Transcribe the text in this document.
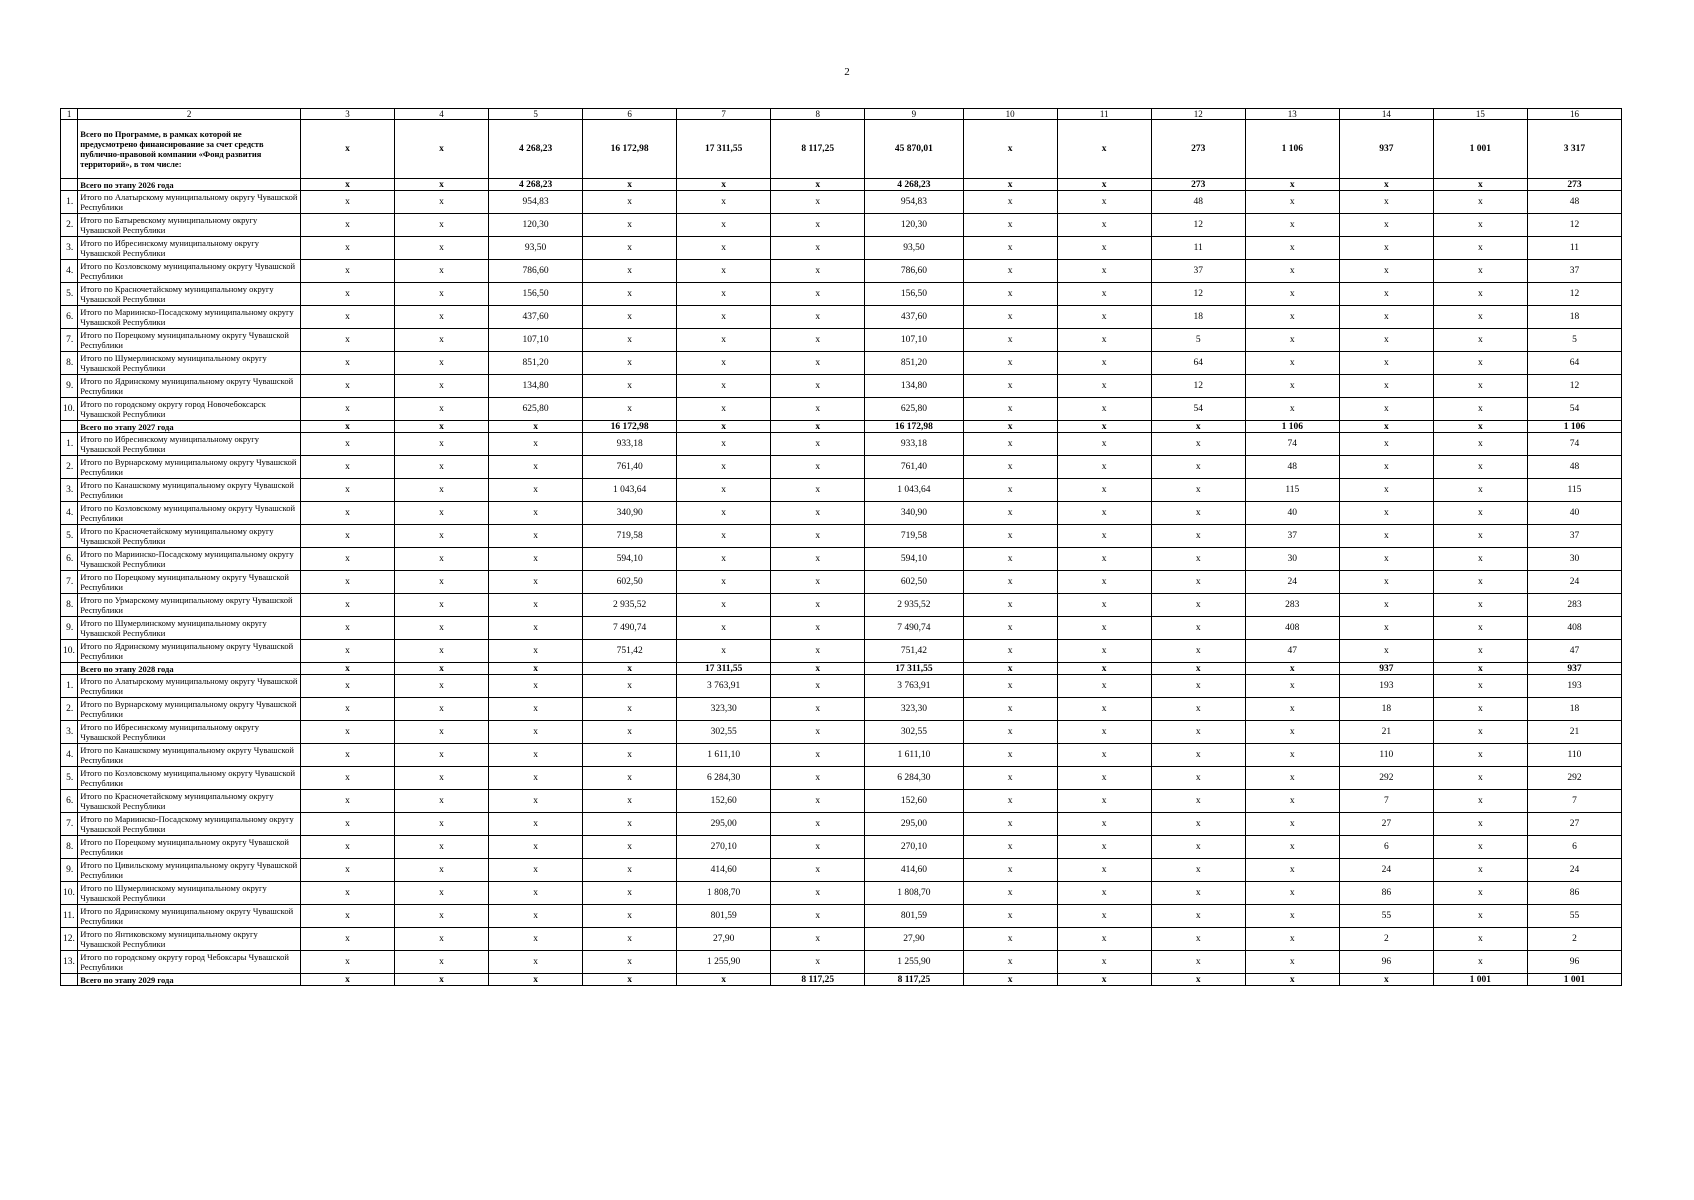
2
1	2	3	4	5	6	7	8	9	10	11	12	13	14	15	16
	Всего по Программе, в рамках которой не предусмотрено финансирование за счет средств публично-правовой компании «Фонд развития территорий», в том числе:	x	x	4 268,23	16 172,98	17 311,55	8 117,25	45 870,01	x	x	273	1 106	937	1 001	3 317
	Всего по этапу 2026 года	x	x	4 268,23	x	x	x	4 268,23	x	x	273	x	x	x	273
1.	Итого по Алатырскому муниципальному округу Чувашской Республики	x	x	954,83	x	x	x	954,83	x	x	48	x	x	x	48
2.	Итого по Батыревскому муниципальному округу Чувашской Республики	x	x	120,30	x	x	x	120,30	x	x	12	x	x	x	12
3.	Итого по Ибресинскому муниципальному округу Чувашской Республики	x	x	93,50	x	x	x	93,50	x	x	11	x	x	x	11
4.	Итого по Козловскому муниципальному округу Чувашской Республики	x	x	786,60	x	x	x	786,60	x	x	37	x	x	x	37
5.	Итого по Красночетайскому муниципальному округу Чувашской Республики	x	x	156,50	x	x	x	156,50	x	x	12	x	x	x	12
6.	Итого по Мариинско-Посадскому муниципальному округу Чувашской Республики	x	x	437,60	x	x	x	437,60	x	x	18	x	x	x	18
7.	Итого по Порецкому муниципальному округу Чувашской Республики	x	x	107,10	x	x	x	107,10	x	x	5	x	x	x	5
8.	Итого по Шумерлинскому муниципальному округу Чувашской Республики	x	x	851,20	x	x	x	851,20	x	x	64	x	x	x	64
9.	Итого по Ядринскому муниципальному округу Чувашской Республики	x	x	134,80	x	x	x	134,80	x	x	12	x	x	x	12
10.	Итого по городскому округу город Новочебоксарск Чувашской Республики	x	x	625,80	x	x	x	625,80	x	x	54	x	x	x	54
	Всего по этапу 2027 года	x	x	x	16 172,98	x	x	16 172,98	x	x	x	1 106	x	x	1 106
1.	Итого по Ибресинскому муниципальному округу Чувашской Республики	x	x	x	933,18	x	x	933,18	x	x	x	74	x	x	74
2.	Итого по Вурнарскому муниципальному округу Чувашской Республики	x	x	x	761,40	x	x	761,40	x	x	x	48	x	x	48
3.	Итого по Канашскому муниципальному округу Чувашской Республики	x	x	x	1 043,64	x	x	1 043,64	x	x	x	115	x	x	115
4.	Итого по Козловскому муниципальному округу Чувашской Республики	x	x	x	340,90	x	x	340,90	x	x	x	40	x	x	40
5.	Итого по Красночетайскому муниципальному округу Чувашской Республики	x	x	x	719,58	x	x	719,58	x	x	x	37	x	x	37
6.	Итого по Мариинско-Посадскому муниципальному округу Чувашской Республики	x	x	x	594,10	x	x	594,10	x	x	x	30	x	x	30
7.	Итого по Порецкому муниципальному округу Чувашской Республики	x	x	x	602,50	x	x	602,50	x	x	x	24	x	x	24
8.	Итого по Урмарскому муниципальному округу Чувашской Республики	x	x	x	2 935,52	x	x	2 935,52	x	x	x	283	x	x	283
9.	Итого по Шумерлинскому муниципальному округу Чувашской Республики	x	x	x	7 490,74	x	x	7 490,74	x	x	x	408	x	x	408
10.	Итого по Ядринскому муниципальному округу Чувашской Республики	x	x	x	751,42	x	x	751,42	x	x	x	47	x	x	47
	Всего по этапу 2028 года	x	x	x	x	17 311,55	x	17 311,55	x	x	x	x	937	x	937
1.	Итого по Алатырскому муниципальному округу Чувашской Республики	x	x	x	x	3 763,91	x	3 763,91	x	x	x	x	193	x	193
2.	Итого по Вурнарскому муниципальному округу Чувашской Республики	x	x	x	x	323,30	x	323,30	x	x	x	x	18	x	18
3.	Итого по Ибресинскому муниципальному округу Чувашской Республики	x	x	x	x	302,55	x	302,55	x	x	x	x	21	x	21
4.	Итого по Канашскому муниципальному округу Чувашской Республики	x	x	x	x	1 611,10	x	1 611,10	x	x	x	x	110	x	110
5.	Итого по Козловскому муниципальному округу Чувашской Республики	x	x	x	x	6 284,30	x	6 284,30	x	x	x	x	292	x	292
6.	Итого по Красночетайскому муниципальному округу Чувашской Республики	x	x	x	x	152,60	x	152,60	x	x	x	x	7	x	7
7.	Итого по Мариинско-Посадскому муниципальному округу Чувашской Республики	x	x	x	x	295,00	x	295,00	x	x	x	x	27	x	27
8.	Итого по Порецкому муниципальному округу Чувашской Республики	x	x	x	x	270,10	x	270,10	x	x	x	x	6	x	6
9.	Итого по Цивильскому муниципальному округу Чувашской Республики	x	x	x	x	414,60	x	414,60	x	x	x	x	24	x	24
10.	Итого по Шумерлинскому муниципальному округу Чувашской Республики	x	x	x	x	1 808,70	x	1 808,70	x	x	x	x	86	x	86
11.	Итого по Ядринскому муниципальному округу Чувашской Республики	x	x	x	x	801,59	x	801,59	x	x	x	x	55	x	55
12.	Итого по Янтиковскому муниципальному округу Чувашской Республики	x	x	x	x	27,90	x	27,90	x	x	x	x	2	x	2
13.	Итого по городскому округу город Чебоксары Чувашской Республики	x	x	x	x	1 255,90	x	1 255,90	x	x	x	x	96	x	96
	Всего по этапу 2029 года	x	x	x	x	x	8 117,25	8 117,25	x	x	x	x	x	1 001	1 001
